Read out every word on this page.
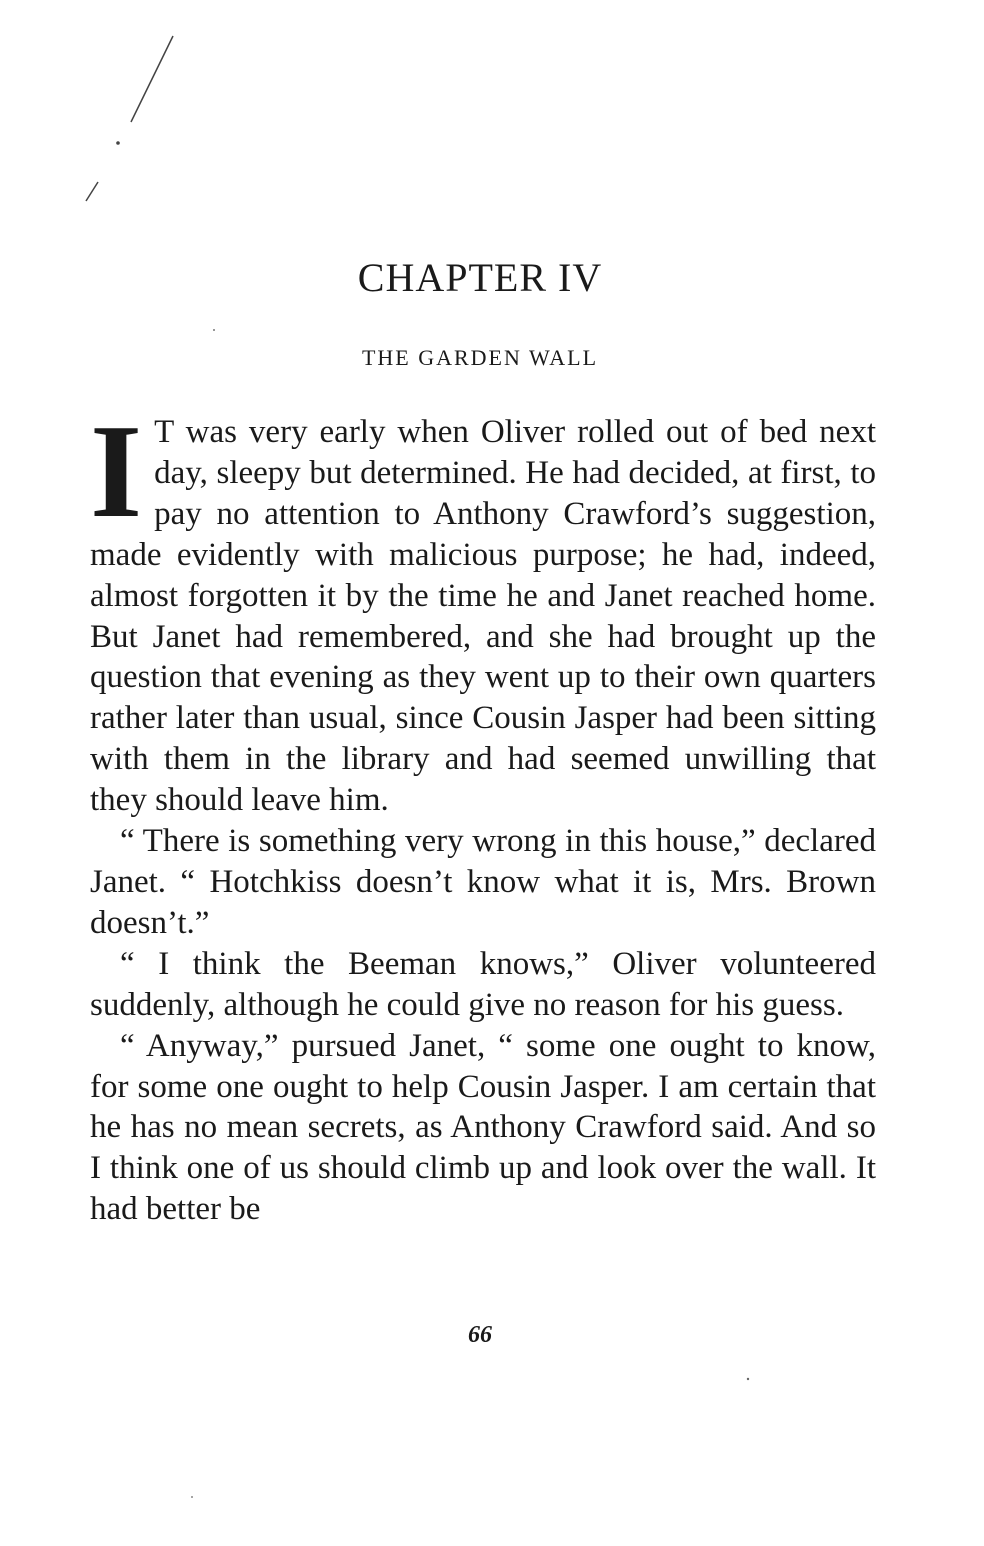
CHAPTER IV
THE GARDEN WALL

I T was very early when Oliver rolled out of bed next day, sleepy but determined. He had decided, at first, to pay no attention to Anthony Crawford’s suggestion, made evidently with malicious purpose; he had, indeed, almost forgotten it by the time he and Janet reached home. But Janet had remembered, and she had brought up the question that evening as they went up to their own quarters rather later than usual, since Cousin Jasper had been sitting with them in the library and had seemed unwilling that they should leave him.

“ There is something very wrong in this house,” declared Janet. “ Hotchkiss doesn’t know what it is, Mrs. Brown doesn’t.”

“ I think the Beeman knows,” Oliver volunteered suddenly, although he could give no reason for his guess.

“ Anyway,” pursued Janet, “ some one ought to know, for some one ought to help Cousin Jasper. I am certain that he has no mean secrets, as Anthony Crawford said. And so I think one of us should climb up and look over the wall. It had better be

66
